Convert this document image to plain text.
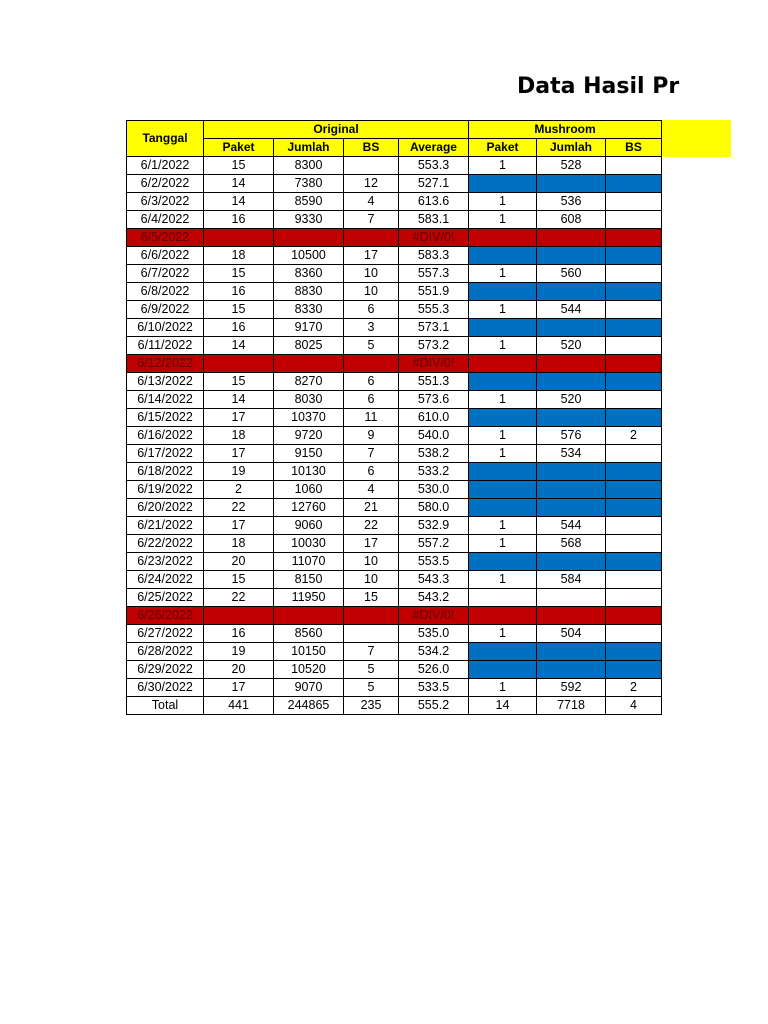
Data Hasil Pr
Tanggal	Original				Mushroom		
	Paket	Jumlah	BS	Average	Paket	Jumlah	BS
6/1/2022	15	8300		553.3	1	528	
6/2/2022	14	7380	12	527.1			
6/3/2022	14	8590	4	613.6	1	536	
6/4/2022	16	9330	7	583.1	1	608	
6/5/2022				#DIV/0!			
6/6/2022	18	10500	17	583.3			
6/7/2022	15	8360	10	557.3	1	560	
6/8/2022	16	8830	10	551.9			
6/9/2022	15	8330	6	555.3	1	544	
6/10/2022	16	9170	3	573.1			
6/11/2022	14	8025	5	573.2	1	520	
6/12/2022				#DIV/0!			
6/13/2022	15	8270	6	551.3			
6/14/2022	14	8030	6	573.6	1	520	
6/15/2022	17	10370	11	610.0			
6/16/2022	18	9720	9	540.0	1	576	2
6/17/2022	17	9150	7	538.2	1	534	
6/18/2022	19	10130	6	533.2			
6/19/2022	2	1060	4	530.0			
6/20/2022	22	12760	21	580.0			
6/21/2022	17	9060	22	532.9	1	544	
6/22/2022	18	10030	17	557.2	1	568	
6/23/2022	20	11070	10	553.5			
6/24/2022	15	8150	10	543.3	1	584	
6/25/2022	22	11950	15	543.2			
6/26/2022				#DIV/0!			
6/27/2022	16	8560		535.0	1	504	
6/28/2022	19	10150	7	534.2			
6/29/2022	20	10520	5	526.0			
6/30/2022	17	9070	5	533.5	1	592	2
Total	441	244865	235	555.2	14	7718	4
